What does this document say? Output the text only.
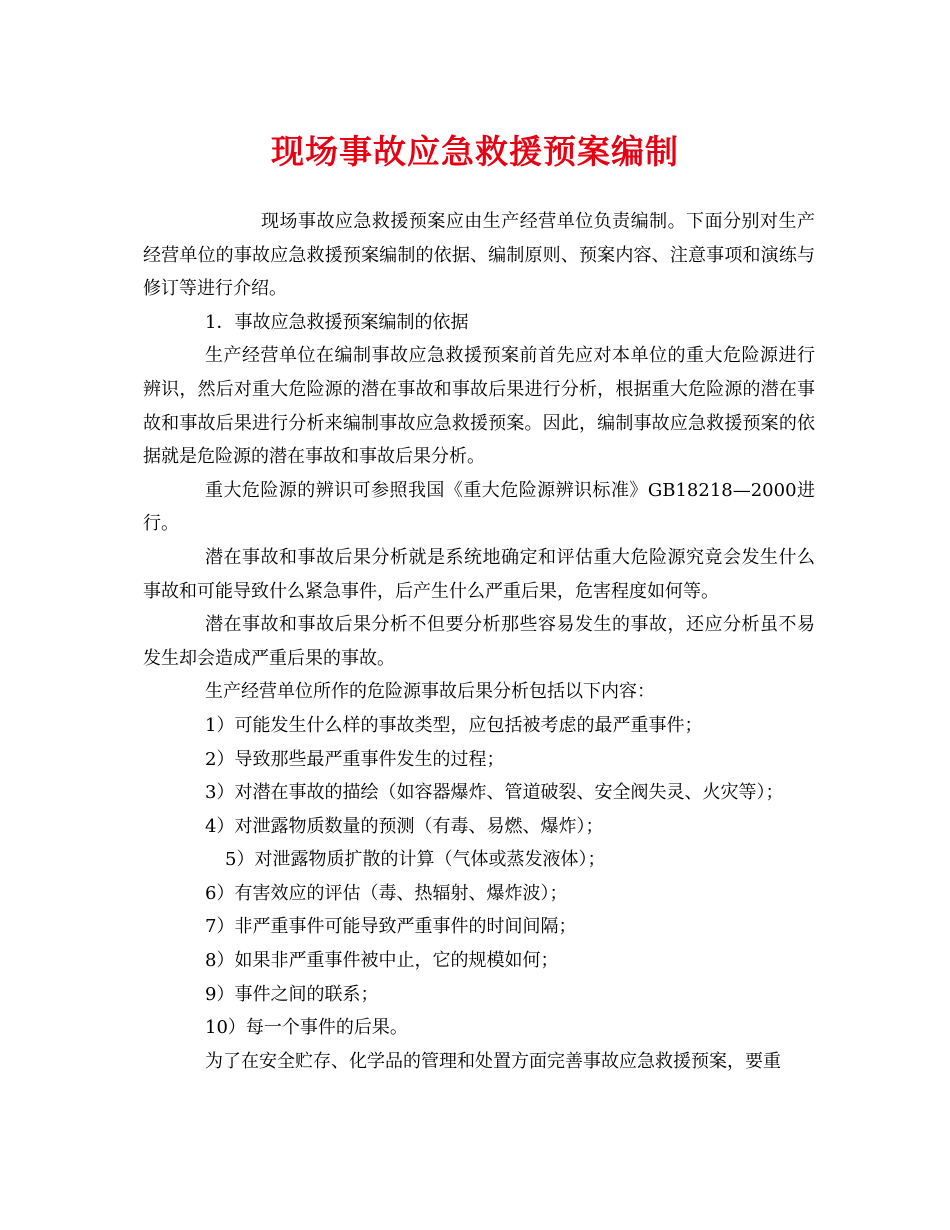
现场事故应急救援预案编制

现场事故应急救援预案应由生产经营单位负责编制。下面分别对生产经营单位的事故应急救援预案编制的依据、编制原则、预案内容、注意事项和演练与修订等进行介绍。

1．事故应急救援预案编制的依据

生产经营单位在编制事故应急救援预案前首先应对本单位的重大危险源进行辨识，然后对重大危险源的潜在事故和事故后果进行分析，根据重大危险源的潜在事故和事故后果进行分析来编制事故应急救援预案。因此，编制事故应急救援预案的依据就是危险源的潜在事故和事故后果分析。

重大危险源的辨识可参照我国《重大危险源辨识标准》GB18218—2000进行。

潜在事故和事故后果分析就是系统地确定和评估重大危险源究竟会发生什么事故和可能导致什么紧急事件，后产生什么严重后果，危害程度如何等。

潜在事故和事故后果分析不但要分析那些容易发生的事故，还应分析虽不易发生却会造成严重后果的事故。

生产经营单位所作的危险源事故后果分析包括以下内容：

1）可能发生什么样的事故类型，应包括被考虑的最严重事件；

2）导致那些最严重事件发生的过程；

3）对潜在事故的描绘（如容器爆炸、管道破裂、安全阀失灵、火灾等）；

4）对泄露物质数量的预测（有毒、易燃、爆炸）；

5）对泄露物质扩散的计算（气体或蒸发液体）；

6）有害效应的评估（毒、热辐射、爆炸波）；

7）非严重事件可能导致严重事件的时间间隔；

8）如果非严重事件被中止，它的规模如何；

9）事件之间的联系；

10）每一个事件的后果。

为了在安全贮存、化学品的管理和处置方面完善事故应急救援预案，要重
